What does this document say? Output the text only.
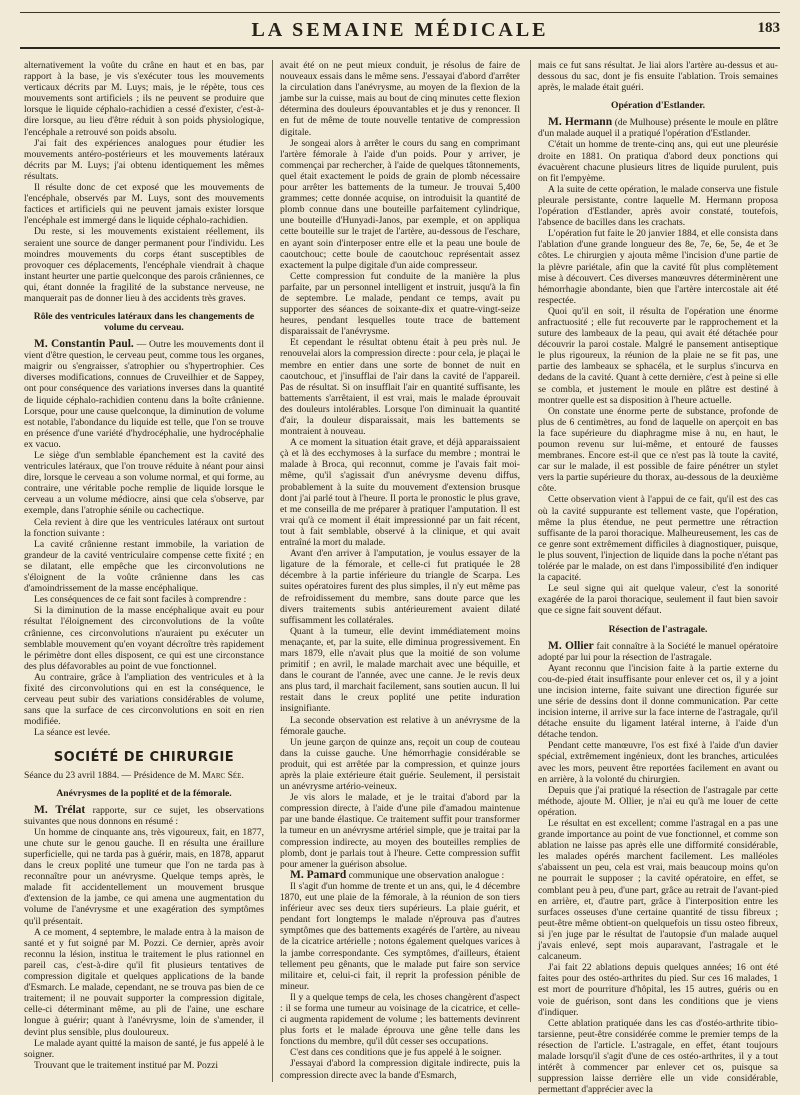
LA SEMAINE MÉDICALE	183

alternativement la voûte du crâne en haut et en bas, par rapport à la base, je vis s'exécuter tous les mouvements verticaux décrits par M. Luys; mais, je le répète, tous ces mouvements sont artificiels ; ils ne peuvent se produire que lorsque le liquide céphalo-rachidien a cessé d'exister, c'est-à-dire lorsque, au lieu d'être réduit à son poids physiologique, l'encéphale a retrouvé son poids absolu.

J'ai fait des expériences analogues pour étudier les mouvements antéro-postérieurs et les mouvements latéraux décrits par M. Luys; j'ai obtenu identiquement les mêmes résultats.

Il résulte donc de cet exposé que les mouvements de l'encéphale, observés par M. Luys, sont des mouvements factices et artificiels qui ne peuvent jamais exister lorsque l'encéphale est immergé dans le liquide céphalo-rachidien.

Du reste, si les mouvements existaient réellement, ils seraient une source de danger permanent pour l'individu. Les moindres mouvements du corps étant susceptibles de provoquer ces déplacements, l'encéphale viendrait à chaque instant heurter une partie quelconque des parois crâniennes, ce qui, étant donnée la fragilité de la substance nerveuse, ne manquerait pas de donner lieu à des accidents très graves.

Rôle des ventricules latéraux dans les changements de volume du cerveau.

M. Constantin Paul. — Outre les mouvements dont il vient d'être question, le cerveau peut, comme tous les organes, maigrir ou s'engraisser, s'atrophier ou s'hypertrophier. Ces diverses modifications, connues de Cruveilhier et de Sappey, ont pour conséquence des variations inverses dans la quantité de liquide céphalo-rachidien contenu dans la boîte crânienne. Lorsque, pour une cause quelconque, la diminution de volume est notable, l'abondance du liquide est telle, que l'on se trouve en présence d'une variété d'hydrocéphalie, une hydrocéphalie ex vacuo.

Le siège d'un semblable épanchement est la cavité des ventricules latéraux, que l'on trouve réduite à néant pour ainsi dire, lorsque le cerveau a son volume normal, et qui forme, au contraire, une véritable poche remplie de liquide lorsque le cerveau a un volume médiocre, ainsi que cela s'observe, par exemple, dans l'atrophie sénile ou cachectique.

Cela revient à dire que les ventricules latéraux ont surtout la fonction suivante :

La cavité crânienne restant immobile, la variation de grandeur de la cavité ventriculaire compense cette fixité ; en se dilatant, elle empêche que les circonvolutions ne s'éloignent de la voûte crânienne dans les cas d'amoindrissement de la masse encéphalique.

Les conséquences de ce fait sont faciles à comprendre :

Si la diminution de la masse encéphalique avait eu pour résultat l'éloignement des circonvolutions de la voûte crânienne, ces circonvolutions n'auraient pu exécuter un semblable mouvement qu'en voyant décroître très rapidement le périmètre dont elles disposent, ce qui est une circonstance des plus défavorables au point de vue fonctionnel.

Au contraire, grâce à l'ampliation des ventricules et à la fixité des circonvolutions qui en est la conséquence, le cerveau peut subir des variations considérables de volume, sans que la surface de ces circonvolutions en soit en rien modifiée.

La séance est levée.

SOCIÉTÉ DE CHIRURGIE

Séance du 23 avril 1884. — Présidence de M. Marc Sée.

Anévrysmes de la poplité et de la fémorale.

M. Trélat rapporte, sur ce sujet, les observations suivantes que nous donnons en résumé :

Un homme de cinquante ans, très vigoureux, fait, en 1877, une chute sur le genou gauche. Il en résulta une éraillure superficielle, qui ne tarda pas à guérir, mais, en 1878, apparut dans le creux poplité une tumeur que l'on ne tarda pas à reconnaître pour un anévrysme. Quelque temps après, le malade fit accidentellement un mouvement brusque d'extension de la jambe, ce qui amena une augmentation du volume de l'anévrysme et une exagération des symptômes qu'il présentait.

A ce moment, 4 septembre, le malade entra à la maison de santé et y fut soigné par M. Pozzi. Ce dernier, après avoir reconnu la lésion, institua le traitement le plus rationnel en pareil cas, c'est-à-dire qu'il fit plusieurs tentatives de compression digitale et quelques applications de la bande d'Esmarch. Le malade, cependant, ne se trouva pas bien de ce traitement; il ne pouvait supporter la compression digitale, celle-ci déterminant même, au pli de l'aine, une eschare longue à guérir; quant à l'anévrysme, loin de s'amender, il devint plus sensible, plus douloureux.

Le malade ayant quitté la maison de santé, je fus appelé à le soigner.

Trouvant que le traitement institué par M. Pozzi

avait été on ne peut mieux conduit, je résolus de faire de nouveaux essais dans le même sens. J'essayai d'abord d'arrêter la circulation dans l'anévrysme, au moyen de la flexion de la jambe sur la cuisse, mais au bout de cinq minutes cette flexion détermina des douleurs épouvantables et je dus y renoncer. Il en fut de même de toute nouvelle tentative de compression digitale.

Je songeai alors à arrêter le cours du sang en comprimant l'artère fémorale à l'aide d'un poids. Pour y arriver, je commençai par rechercher, à l'aide de quelques tâtonnements, quel était exactement le poids de grain de plomb nécessaire pour arrêter les battements de la tumeur. Je trouvai 5,400 grammes; cette donnée acquise, on introduisit la quantité de plomb connue dans une bouteille parfaitement cylindrique, une bouteille d'Hunyadi-Janos, par exemple, et on appliqua cette bouteille sur le trajet de l'artère, au-dessous de l'eschare, en ayant soin d'interposer entre elle et la peau une boule de caoutchouc; cette boule de caoutchouc représentait assez exactement la pulpe digitale d'un aide compresseur.

Cette compression fut conduite de la manière la plus parfaite, par un personnel intelligent et instruit, jusqu'à la fin de septembre. Le malade, pendant ce temps, avait pu supporter des séances de soixante-dix et quatre-vingt-seize heures, pendant lesquelles toute trace de battement disparaissait de l'anévrysme.

Et cependant le résultat obtenu était à peu près nul. Je renouvelai alors la compression directe : pour cela, je plaçai le membre en entier dans une sorte de bonnet de nuit en caoutchouc, et j'insufflai de l'air dans la cavité de l'appareil. Pas de résultat. Si on insufflait l'air en quantité suffisante, les battements s'arrêtaient, il est vrai, mais le malade éprouvait des douleurs intolérables. Lorsque l'on diminuait la quantité d'air, la douleur disparaissait, mais les battements se montraient à nouveau.

A ce moment la situation était grave, et déjà apparaissaient çà et là des ecchymoses à la surface du membre ; montrai le malade à Broca, qui reconnut, comme je l'avais fait moi-même, qu'il s'agissait d'un anévrysme devenu diffus, probablement à la suite du mouvement d'extension brusque dont j'ai parlé tout à l'heure. Il porta le pronostic le plus grave, et me conseilla de me préparer à pratiquer l'amputation. Il est vrai qu'à ce moment il était impressionné par un fait récent, tout à fait semblable, observé à la clinique, et qui avait entraîné la mort du malade.

Avant d'en arriver à l'amputation, je voulus essayer de la ligature de la fémorale, et celle-ci fut pratiquée le 28 décembre à la partie inférieure du triangle de Scarpa. Les suites opératoires furent des plus simples, il n'y eut même pas de refroidissement du membre, sans doute parce que les divers traitements subis antérieurement avaient dilaté suffisamment les collatérales.

Quant à la tumeur, elle devint immédiatement moins menaçante, et, par la suite, elle diminua progressivement. En mars 1879, elle n'avait plus que la moitié de son volume primitif ; en avril, le malade marchait avec une béquille, et dans le courant de l'année, avec une canne. Je le revis deux ans plus tard, il marchait facilement, sans soutien aucun. Il lui restait dans le creux poplité une petite induration insignifiante.

La seconde observation est relative à un anévrysme de la fémorale gauche.

Un jeune garçon de quinze ans, reçoit un coup de couteau dans la cuisse gauche. Une hémorrhagie considérable se produit, qui est arrêtée par la compression, et quinze jours après la plaie extérieure était guérie. Seulement, il persistait un anévrysme artério-veineux.

Je vis alors le malade, et je le traitai d'abord par la compression directe, à l'aide d'une pile d'amadou maintenue par une bande élastique. Ce traitement suffit pour transformer la tumeur en un anévrysme artériel simple, que je traitai par la compression indirecte, au moyen des bouteilles remplies de plomb, dont je parlais tout à l'heure. Cette compression suffit pour amener la guérison absolue.

M. Pamard communique une observation analogue :

Il s'agit d'un homme de trente et un ans, qui, le 4 décembre 1870, eut une plaie de la fémorale, à la réunion de son tiers inférieur avec ses deux tiers supérieurs. La plaie guérit, et pendant fort longtemps le malade n'éprouva pas d'autres symptômes que des battements exagérés de l'artère, au niveau de la cicatrice artérielle ; notons également quelques varices à la jambe correspondante. Ces symptômes, d'ailleurs, étaient tellement peu gênants, que le malade put faire son service militaire et, celui-ci fait, il reprit la profession pénible de mineur.

Il y a quelque temps de cela, les choses changèrent d'aspect : il se forma une tumeur au voisinage de la cicatrice, et celle-ci augmenta rapidement de volume ; les battements devinrent plus forts et le malade éprouva une gêne telle dans les fonctions du membre, qu'il dût cesser ses occupations.

C'est dans ces conditions que je fus appelé à le soigner.

J'essayai d'abord la compression digitale indirecte, puis la compression directe avec la bande d'Esmarch,

mais ce fut sans résultat. Je liai alors l'artère au-dessus et au-dessous du sac, dont je fis ensuite l'ablation. Trois semaines après, le malade était guéri.

Opération d'Estlander.

M. Hermann (de Mulhouse) présente le moule en plâtre d'un malade auquel il a pratiqué l'opération d'Estlander.

C'était un homme de trente-cinq ans, qui eut une pleurésie droite en 1881. On pratiqua d'abord deux ponctions qui évacuèrent chacune plusieurs litres de liquide purulent, puis on fit l'empyème.

A la suite de cette opération, le malade conserva une fistule pleurale persistante, contre laquelle M. Hermann proposa l'opération d'Estlander, après avoir constaté, toutefois, l'absence de bacilles dans les crachats.

L'opération fut faite le 20 janvier 1884, et elle consista dans l'ablation d'une grande longueur des 8e, 7e, 6e, 5e, 4e et 3e côtes. Le chirurgien y ajouta même l'incision d'une partie de la plèvre pariétale, afin que la cavité fût plus complètement mise à découvert. Ces diverses manœuvres déterminèrent une hémorrhagie abondante, bien que l'artère intercostale ait été respectée.

Quoi qu'il en soit, il résulta de l'opération une énorme anfractuosité ; elle fut recouverte par le rapprochement et la suture des lambeaux de la peau, qui avait été détachée pour découvrir la paroi costale. Malgré le pansement antiseptique le plus rigoureux, la réunion de la plaie ne se fit pas, une partie des lambeaux se sphacéla, et le surplus s'incurva en dedans de la cavité. Quant à cette dernière, c'est à peine si elle se combla, et justement le moule en plâtre est destiné à montrer quelle est sa disposition à l'heure actuelle.

On constate une énorme perte de substance, profonde de plus de 6 centimètres, au fond de laquelle on aperçoit en bas la face supérieure du diaphragme mise à nu, en haut, le poumon revenu sur lui-même, et entouré de fausses membranes. Encore est-il que ce n'est pas là toute la cavité, car sur le malade, il est possible de faire pénétrer un stylet vers la partie supérieure du thorax, au-dessous de la deuxième côte.

Cette observation vient à l'appui de ce fait, qu'il est des cas où la cavité suppurante est tellement vaste, que l'opération, même la plus étendue, ne peut permettre une rétraction suffisante de la paroi thoracique. Malheureusement, les cas de ce genre sont extrêmement difficiles à diagnostiquer, puisque, le plus souvent, l'injection de liquide dans la poche n'étant pas tolérée par le malade, on est dans l'impossibilité d'en indiquer la capacité.

Le seul signe qui ait quelque valeur, c'est la sonorité exagérée de la paroi thoracique, seulement il faut bien savoir que ce signe fait souvent défaut.

Résection de l'astragale.

M. Ollier fait connaître à la Société le manuel opératoire adopté par lui pour la résection de l'astragale.

Ayant reconnu que l'incision faite à la partie externe du cou-de-pied était insuffisante pour enlever cet os, il y a joint une incision interne, faite suivant une direction figurée sur une série de dessins dont il donne communication. Par cette incision interne, il arrive sur la face interne de l'astragale, qu'il détache ensuite du ligament latéral interne, à l'aide d'un détache tendon.

Pendant cette manœuvre, l'os est fixé à l'aide d'un davier spécial, extrêmement ingénieux, dont les branches, articulées avec les mors, peuvent être reportées facilement en avant ou en arrière, à la volonté du chirurgien.

Depuis que j'ai pratiqué la résection de l'astragale par cette méthode, ajoute M. Ollier, je n'ai eu qu'à me louer de cette opération.

Le résultat en est excellent; comme l'astragal en a pas une grande importance au point de vue fonctionnel, et comme son ablation ne laisse pas après elle une difformité considérable, les malades opérés marchent facilement. Les malléoles s'abaissent un peu, cela est vrai, mais beaucoup moins qu'on ne pourrait le supposer ; la cavité opératoire, en effet, se comblant peu à peu, d'une part, grâce au retrait de l'avant-pied en arrière, et, d'autre part, grâce à l'interposition entre les surfaces osseuses d'une certaine quantité de tissu fibreux ; peut-être même obtient-on quelquefois un tissu osteo fibreux, si j'en juge par le résultat de l'autopsie d'un malade auquel j'avais enlevé, sept mois auparavant, l'astragale et le calcaneum.

J'ai fait 22 ablations depuis quelques années; 16 ont été faites pour des ostéo-arthrites du pied. Sur ces 16 malades, 1 est mort de pourriture d'hôpital, les 15 autres, guéris ou en voie de guérison, sont dans les conditions que je viens d'indiquer.

Cette ablation pratiquée dans les cas d'ostéo-arthrite tibio-tarsienne, peut-être considérée comme le premier temps de la résection de l'article. L'astragale, en effet, étant toujours malade lorsqu'il s'agit d'une de ces ostéo-arthrites, il y a tout intérêt à commencer par enlever cet os, puisque sa suppression laisse derrière elle un vide considérable, permettant d'apprécier avec la
